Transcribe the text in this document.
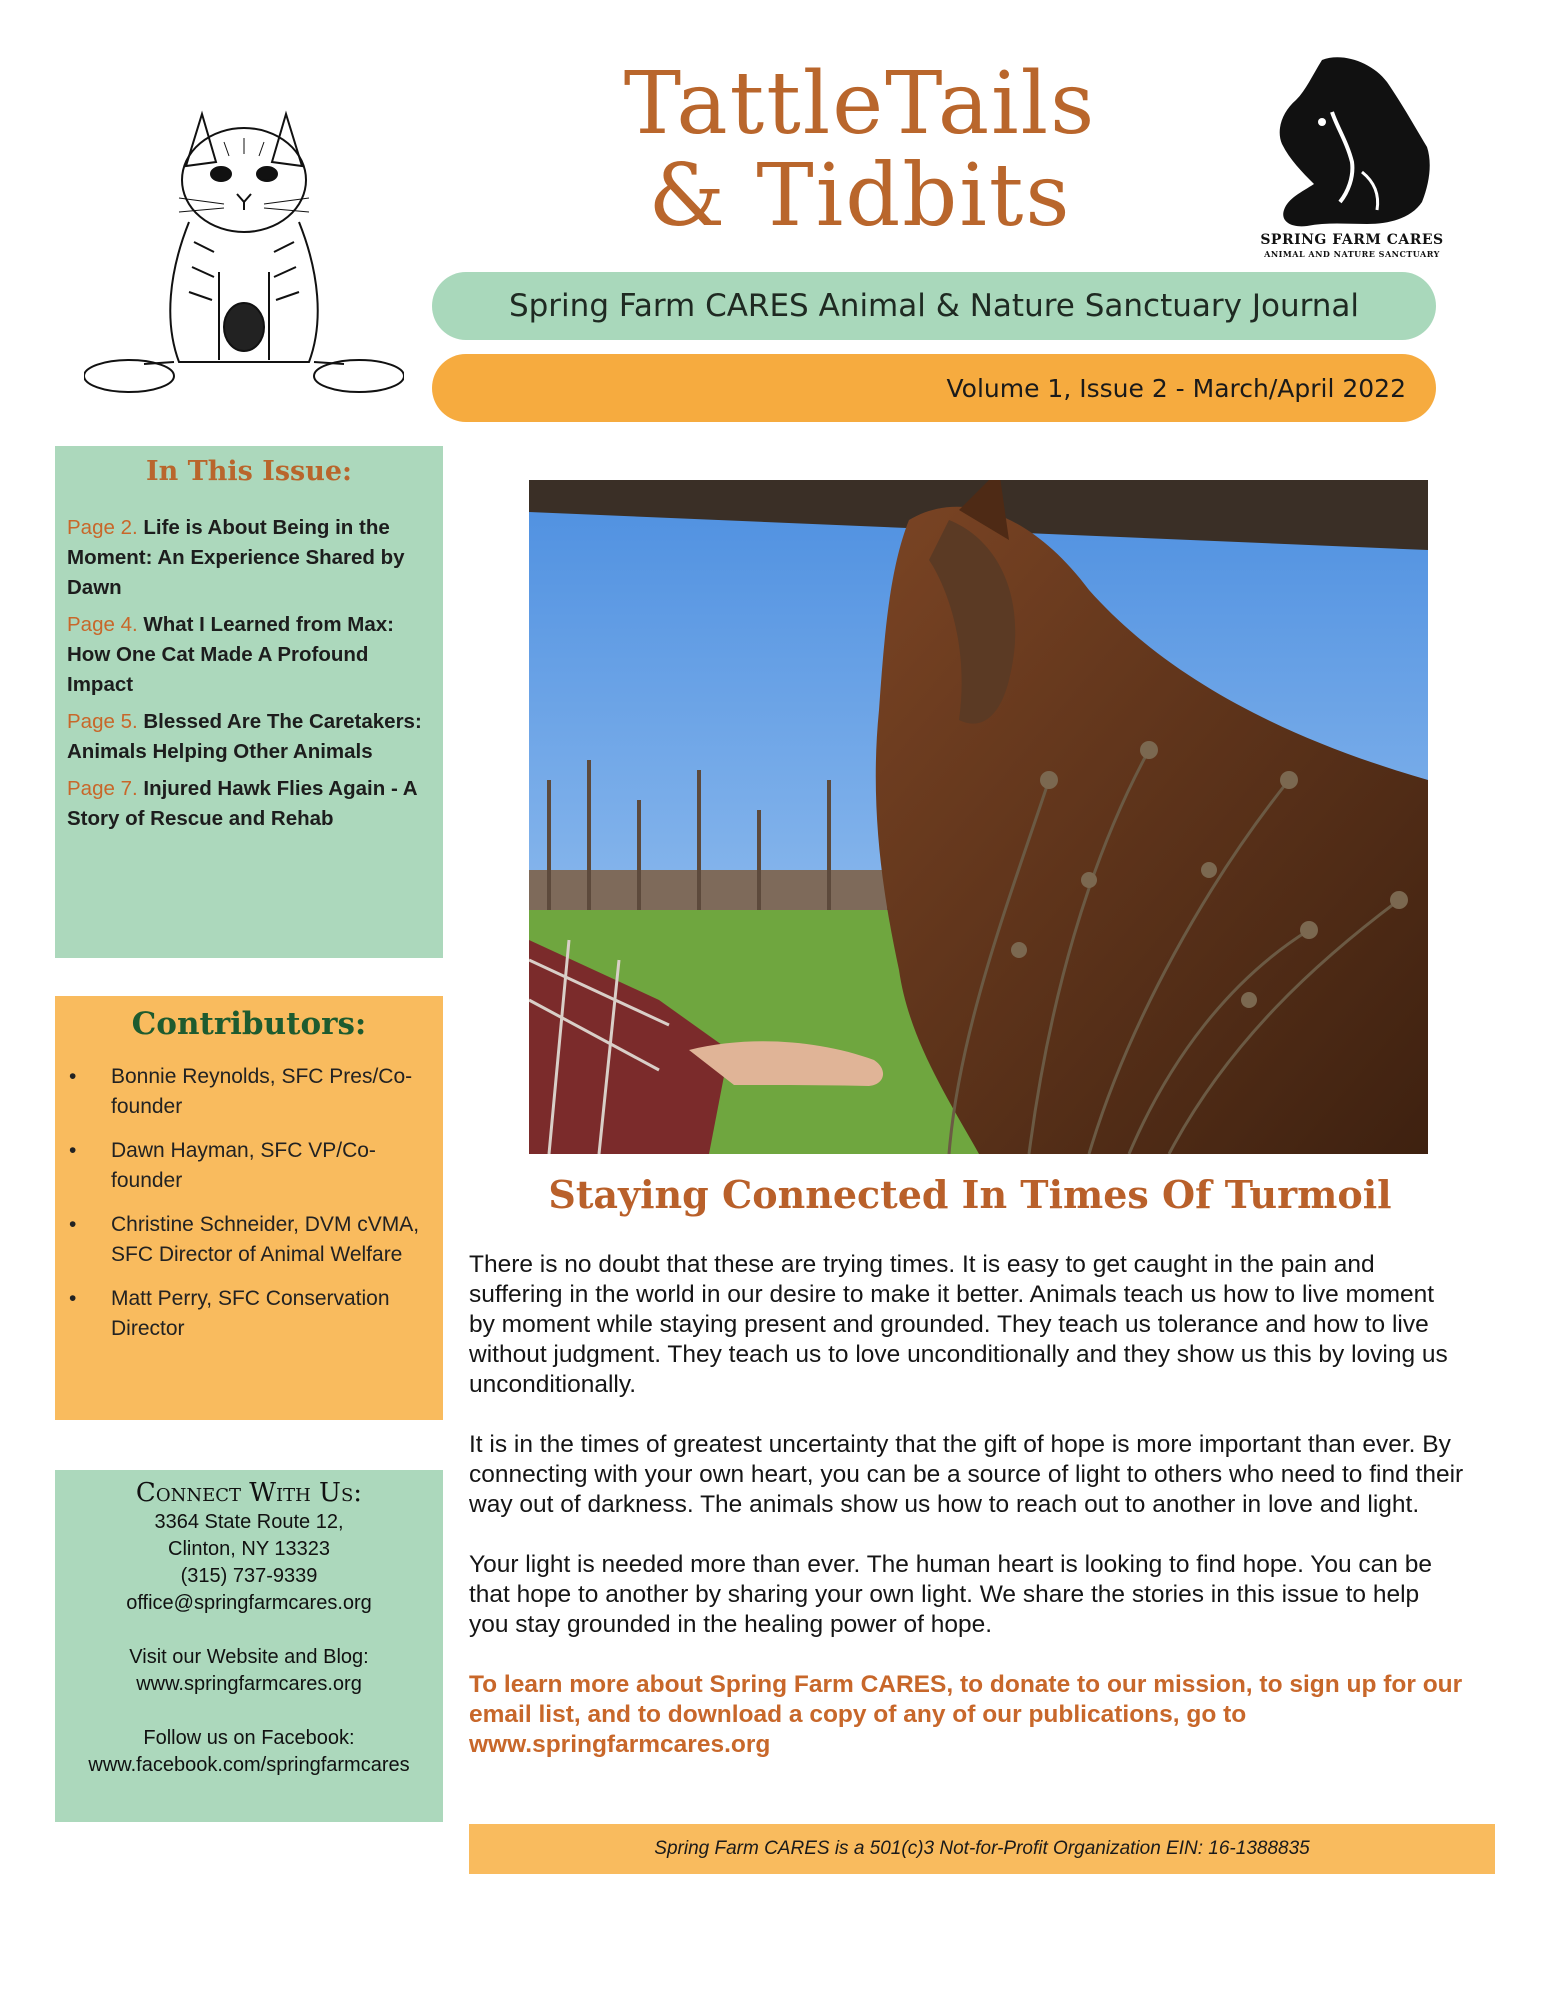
TattleTails
& Tidbits	SPRING FARM CARES
ANIMAL AND NATURE SANCTUARY
Spring Farm CARES Animal & Nature Sanctuary Journal
Volume 1, Issue 2 - March/April 2022
In This Issue:
Page 2. Life is About Being in the Moment: An Experience Shared by Dawn
Page 4. What I Learned from Max: How One Cat Made A Profound Impact
Page 5. Blessed Are The Caretakers: Animals Helping Other Animals
Page 7. Injured Hawk Flies Again - A Story of Rescue and Rehab
Contributors:
• Bonnie Reynolds, SFC Pres/Co-founder
• Dawn Hayman, SFC VP/Co-founder
• Christine Schneider, DVM cVMA, SFC Director of Animal Welfare
• Matt Perry, SFC Conservation Director
Connect With Us:
3364 State Route 12,
Clinton, NY 13323
(315) 737-9339
office@springfarmcares.org
Visit our Website and Blog:
www.springfarmcares.org
Follow us on Facebook:
www.facebook.com/springfarmcares
Staying Connected In Times Of Turmoil

There is no doubt that these are trying times. It is easy to get caught in the pain and suffering in the world in our desire to make it better. Animals teach us how to live moment by moment while staying present and grounded. They teach us tolerance and how to live without judgment. They teach us to love unconditionally and they show us this by loving us unconditionally.

It is in the times of greatest uncertainty that the gift of hope is more important than ever. By connecting with your own heart, you can be a source of light to others who need to find their way out of darkness. The animals show us how to reach out to another in love and light.

Your light is needed more than ever. The human heart is looking to find hope. You can be that hope to another by sharing your own light. We share the stories in this issue to help you stay grounded in the healing power of hope.

To learn more about Spring Farm CARES, to donate to our mission, to sign up for our email list, and to download a copy of any of our publications, go to www.springfarmcares.org

Spring Farm CARES is a 501(c)3 Not-for-Profit Organization EIN: 16-1388835
